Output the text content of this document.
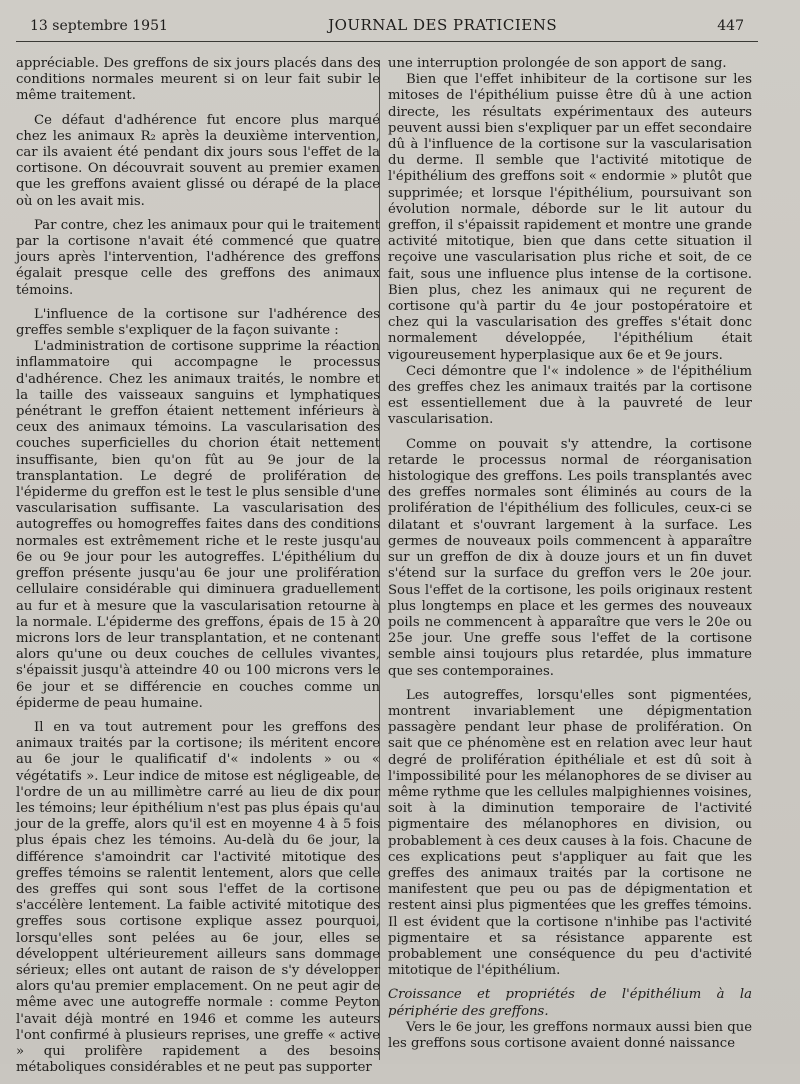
13 septembre 1951	JOURNAL DES PRATICIENS	447

appréciable. Des greffons de six jours placés dans des conditions normales meurent si on leur fait subir le même traitement.

Ce défaut d'adhérence fut encore plus marqué chez les animaux R₂ après la deuxième intervention, car ils avaient été pendant dix jours sous l'effet de la cortisone. On découvrait souvent au premier examen que les greffons avaient glissé ou dérapé de la place où on les avait mis.

Par contre, chez les animaux pour qui le traitement par la cortisone n'avait été commencé que quatre jours après l'intervention, l'adhérence des greffons égalait presque celle des greffons des animaux témoins.

L'influence de la cortisone sur l'adhérence des greffes semble s'expliquer de la façon suivante :

L'administration de cortisone supprime la réaction inflammatoire qui accompagne le processus d'adhérence. Chez les animaux traités, le nombre et la taille des vaisseaux sanguins et lymphatiques pénétrant le greffon étaient nettement inférieurs à ceux des animaux témoins. La vascularisation des couches superficielles du chorion était nettement insuffisante, bien qu'on fût au 9e jour de la transplantation. Le degré de prolifération de l'épiderme du greffon est le test le plus sensible d'une vascularisation suffisante. La vascularisation des autogreffes ou homogreffes faites dans des conditions normales est extrêmement riche et le reste jusqu'au 6e ou 9e jour pour les autogreffes. L'épithélium du greffon présente jusqu'au 6e jour une prolifération cellulaire considérable qui diminuera graduellement au fur et à mesure que la vascularisation retourne à la normale. L'épiderme des greffons, épais de 15 à 20 microns lors de leur transplantation, et ne contenant alors qu'une ou deux couches de cellules vivantes, s'épaissit jusqu'à atteindre 40 ou 100 microns vers le 6e jour et se différencie en couches comme un épiderme de peau humaine.

Il en va tout autrement pour les greffons des animaux traités par la cortisone; ils méritent encore au 6e jour le qualificatif d'« indolents » ou « végétatifs ». Leur indice de mitose est négligeable, de l'ordre de un au millimètre carré au lieu de dix pour les témoins; leur épithélium n'est pas plus épais qu'au jour de la greffe, alors qu'il est en moyenne 4 à 5 fois plus épais chez les témoins. Au-delà du 6e jour, la différence s'amoindrit car l'activité mitotique des greffes témoins se ralentit lentement, alors que celle des greffes qui sont sous l'effet de la cortisone s'accélère lentement. La faible activité mitotique des greffes sous cortisone explique assez pourquoi, lorsqu'elles sont pelées au 6e jour, elles se développent ultérieurement ailleurs sans dommage sérieux; elles ont autant de raison de s'y développer alors qu'au premier emplacement. On ne peut agir de même avec une autogreffe normale : comme Peyton l'avait déjà montré en 1946 et comme les auteurs l'ont confirmé à plusieurs reprises, une greffe « active » qui prolifère rapidement a des besoins métaboliques considérables et ne peut pas supporter

une interruption prolongée de son apport de sang.

Bien que l'effet inhibiteur de la cortisone sur les mitoses de l'épithélium puisse être dû à une action directe, les résultats expérimentaux des auteurs peuvent aussi bien s'expliquer par un effet secondaire dû à l'influence de la cortisone sur la vascularisation du derme. Il semble que l'activité mitotique de l'épithélium des greffons soit « endormie » plutôt que supprimée; et lorsque l'épithélium, poursuivant son évolution normale, déborde sur le lit autour du greffon, il s'épaissit rapidement et montre une grande activité mitotique, bien que dans cette situation il reçoive une vascularisation plus riche et soit, de ce fait, sous une influence plus intense de la cortisone. Bien plus, chez les animaux qui ne reçurent de cortisone qu'à partir du 4e jour postopératoire et chez qui la vascularisation des greffes s'était donc normalement développée, l'épithélium était vigoureusement hyperplasique aux 6e et 9e jours.

Ceci démontre que l'« indolence » de l'épithélium des greffes chez les animaux traités par la cortisone est essentiellement due à la pauvreté de leur vascularisation.

Comme on pouvait s'y attendre, la cortisone retarde le processus normal de réorganisation histologique des greffons. Les poils transplantés avec des greffes normales sont éliminés au cours de la prolifération de l'épithélium des follicules, ceux-ci se dilatant et s'ouvrant largement à la surface. Les germes de nouveaux poils commencent à apparaître sur un greffon de dix à douze jours et un fin duvet s'étend sur la surface du greffon vers le 20e jour. Sous l'effet de la cortisone, les poils originaux restent plus longtemps en place et les germes des nouveaux poils ne commencent à apparaître que vers le 20e ou 25e jour. Une greffe sous l'effet de la cortisone semble ainsi toujours plus retardée, plus immature que ses contemporaines.

Les autogreffes, lorsqu'elles sont pigmentées, montrent invariablement une dépigmentation passagère pendant leur phase de prolifération. On sait que ce phénomène est en relation avec leur haut degré de prolifération épithéliale et est dû soit à l'impossibilité pour les mélanophores de se diviser au même rythme que les cellules malpighiennes voisines, soit à la diminution temporaire de l'activité pigmentaire des mélanophores en division, ou probablement à ces deux causes à la fois. Chacune de ces explications peut s'appliquer au fait que les greffes des animaux traités par la cortisone ne manifestent que peu ou pas de dépigmentation et restent ainsi plus pigmentées que les greffes témoins. Il est évident que la cortisone n'inhibe pas l'activité pigmentaire et sa résistance apparente est probablement une conséquence du peu d'activité mitotique de l'épithélium.

Croissance et propriétés de l'épithélium à la périphérie des greffons.

Vers le 6e jour, les greffons normaux aussi bien que les greffons sous cortisone avaient donné naissance
